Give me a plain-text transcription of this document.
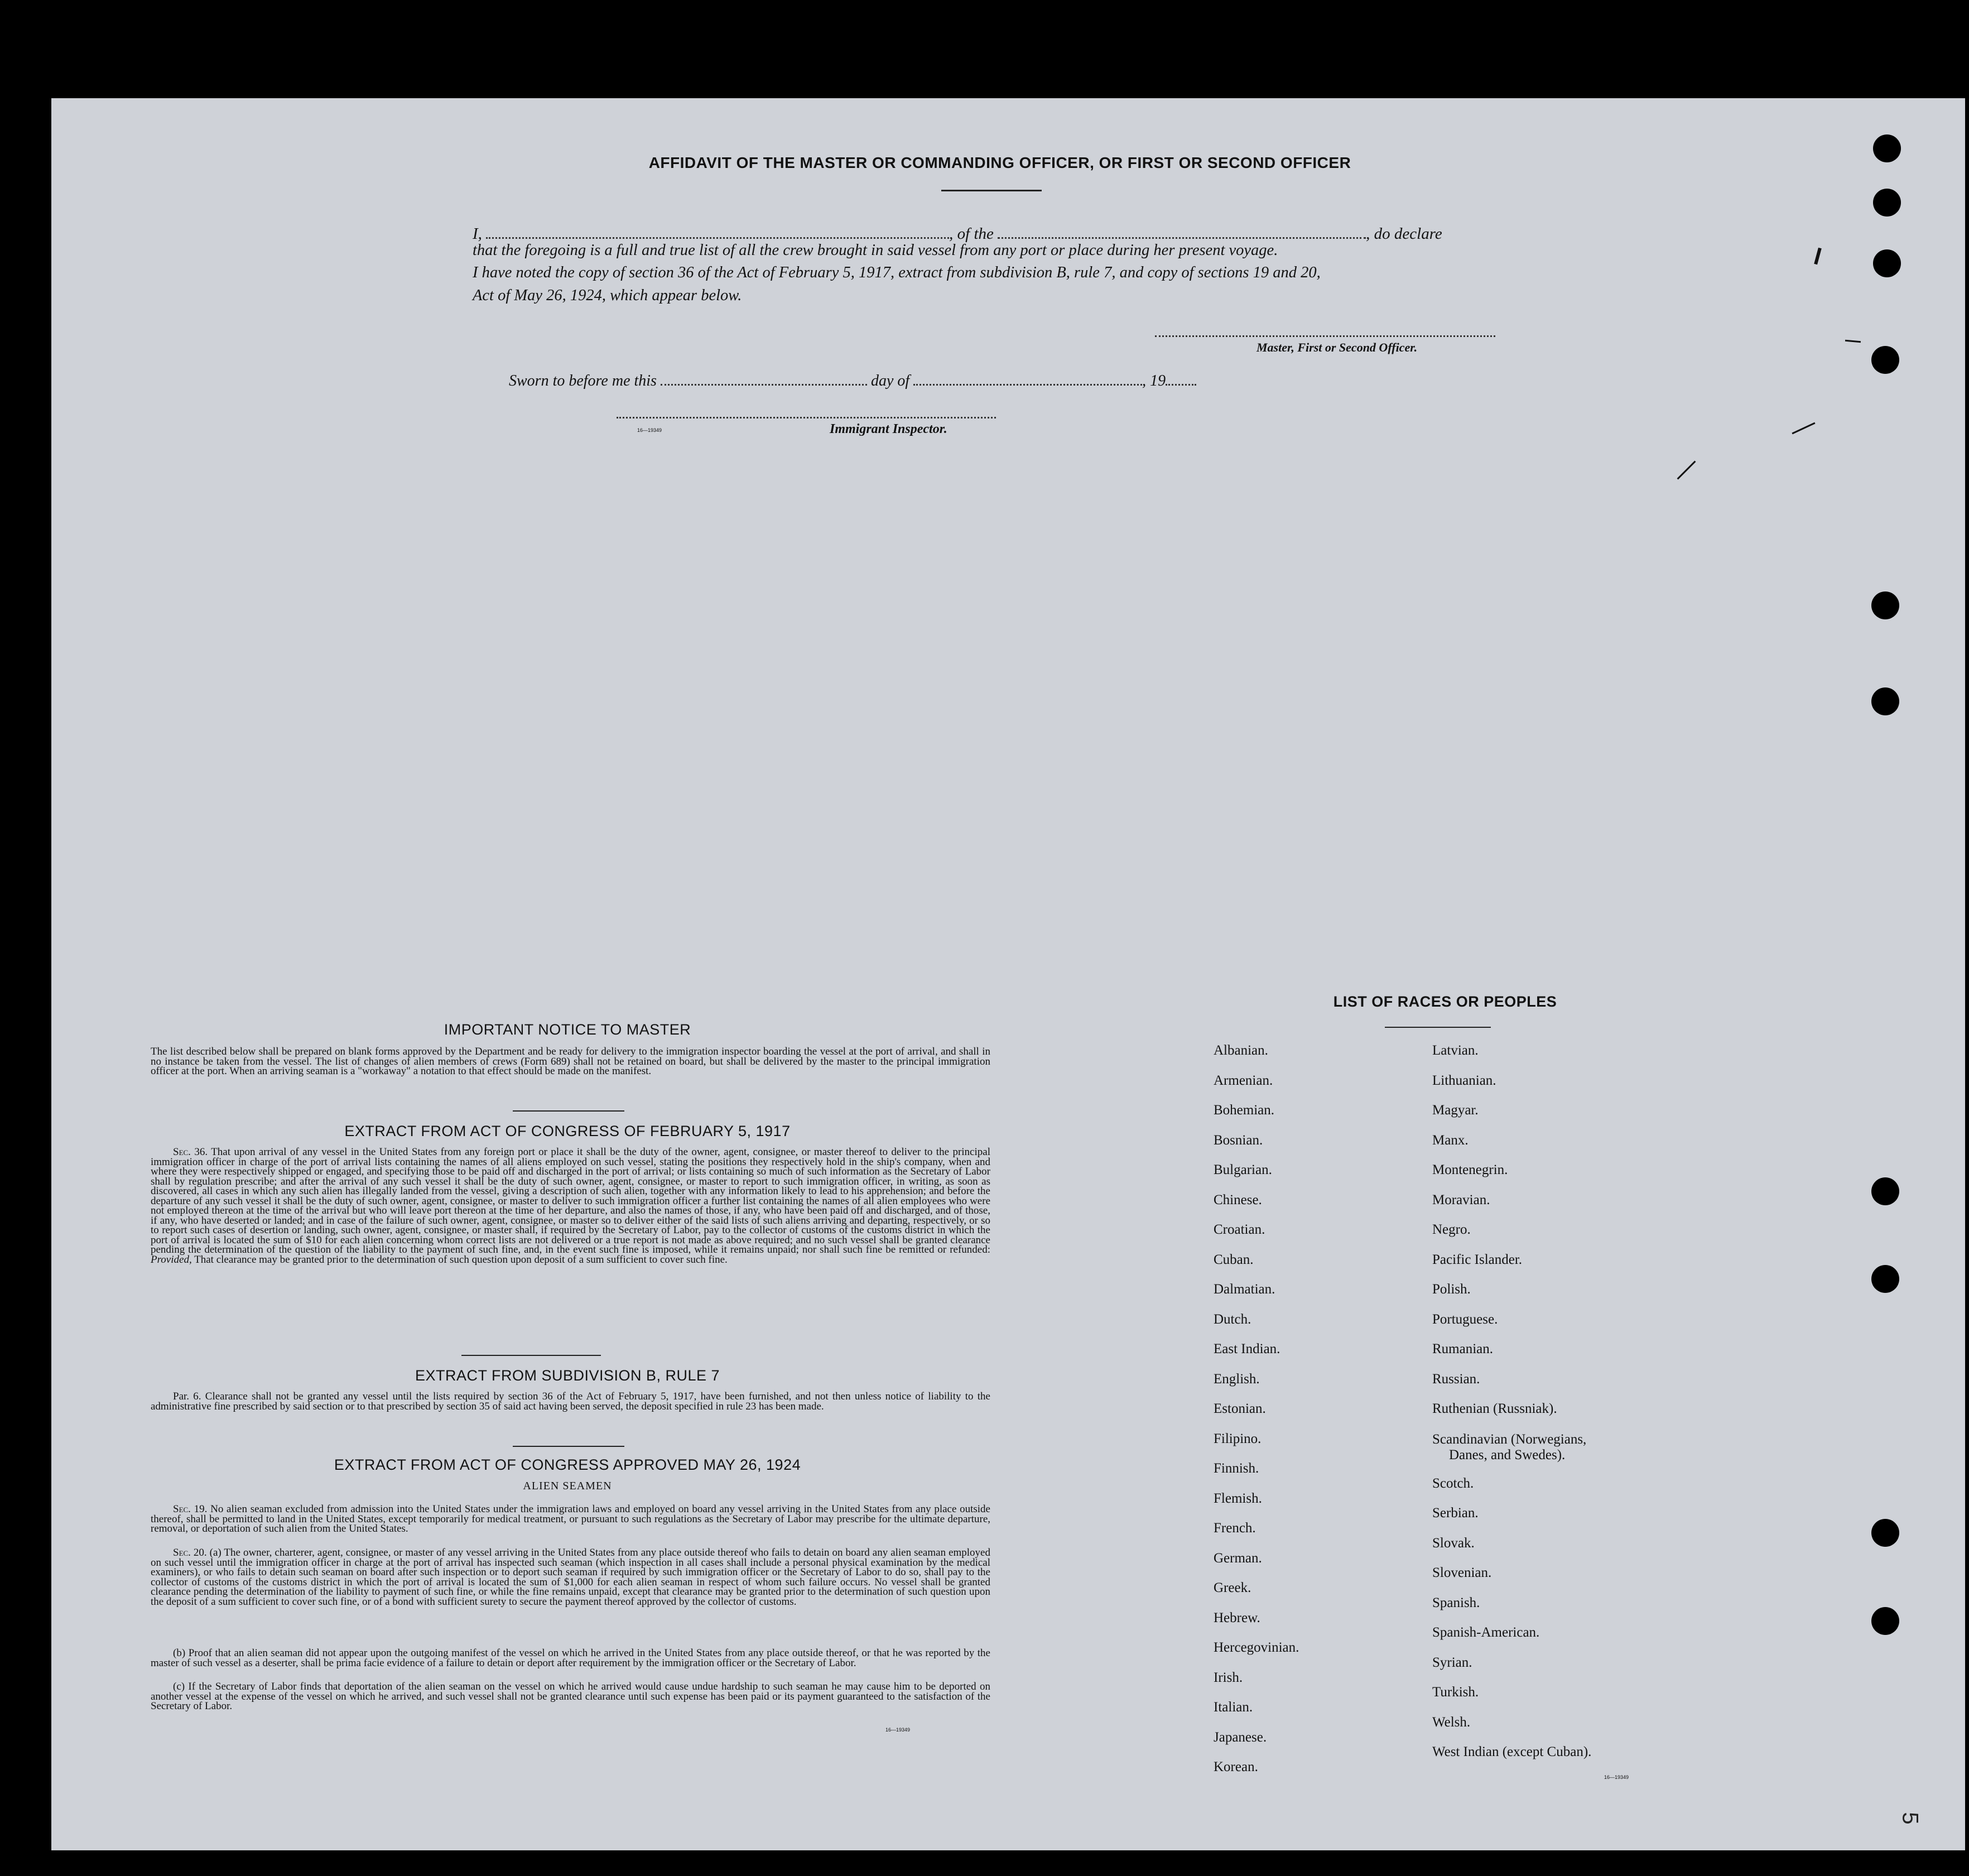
AFFIDAVIT OF THE MASTER OR COMMANDING OFFICER, OR FIRST OR SECOND OFFICER
I,	, of the	, do declare
that the foregoing is a full and true list of all the crew brought in said vessel from any port or place during her present voyage.
I have noted the copy of section 36 of the Act of February 5, 1917, extract from subdivision B, rule 7, and copy of sections 19 and 20,
Act of May 26, 1924, which appear below.
Master, First or Second Officer.
Sworn to before me this	day of	, 19
16—19349	Immigrant Inspector.
IMPORTANT NOTICE TO MASTER
The list described below shall be prepared on blank forms approved by the Department and be ready for delivery to the immigration inspector boarding the vessel at the port of arrival, and shall in no instance be taken from the vessel. The list of changes of alien members of crews (Form 689) shall not be retained on board, but shall be delivered by the master to the principal immigration officer at the port. When an arriving seaman is a "workaway" a notation to that effect should be made on the manifest.
EXTRACT FROM ACT OF CONGRESS OF FEBRUARY 5, 1917
Sec. 36. That upon arrival of any vessel in the United States from any foreign port or place it shall be the duty of the owner, agent, consignee, or master thereof to deliver to the principal immigration officer in charge of the port of arrival lists containing the names of all aliens employed on such vessel, stating the positions they respectively hold in the ship's company, when and where they were respectively shipped or engaged, and specifying those to be paid off and discharged in the port of arrival; or lists containing so much of such information as the Secretary of Labor shall by regulation prescribe; and after the arrival of any such vessel it shall be the duty of such owner, agent, consignee, or master to report to such immigration officer, in writing, as soon as discovered, all cases in which any such alien has illegally landed from the vessel, giving a description of such alien, together with any information likely to lead to his apprehension; and before the departure of any such vessel it shall be the duty of such owner, agent, consignee, or master to deliver to such immigration officer a further list containing the names of all alien employees who were not employed thereon at the time of the arrival but who will leave port thereon at the time of her departure, and also the names of those, if any, who have been paid off and discharged, and of those, if any, who have deserted or landed; and in case of the failure of such owner, agent, consignee, or master so to deliver either of the said lists of such aliens arriving and departing, respectively, or so to report such cases of desertion or landing, such owner, agent, consignee, or master shall, if required by the Secretary of Labor, pay to the collector of customs of the customs district in which the port of arrival is located the sum of $10 for each alien concerning whom correct lists are not delivered or a true report is not made as above required; and no such vessel shall be granted clearance pending the determination of the question of the liability to the payment of such fine, and, in the event such fine is imposed, while it remains unpaid; nor shall such fine be remitted or refunded: Provided, That clearance may be granted prior to the determination of such question upon deposit of a sum sufficient to cover such fine.
EXTRACT FROM SUBDIVISION B, RULE 7
Par. 6. Clearance shall not be granted any vessel until the lists required by section 36 of the Act of February 5, 1917, have been furnished, and not then unless notice of liability to the administrative fine prescribed by said section or to that prescribed by section 35 of said act having been served, the deposit specified in rule 23 has been made.
EXTRACT FROM ACT OF CONGRESS APPROVED MAY 26, 1924
ALIEN SEAMEN
Sec. 19. No alien seaman excluded from admission into the United States under the immigration laws and employed on board any vessel arriving in the United States from any place outside thereof, shall be permitted to land in the United States, except temporarily for medical treatment, or pursuant to such regulations as the Secretary of Labor may prescribe for the ultimate departure, removal, or deportation of such alien from the United States.
Sec. 20. (a) The owner, charterer, agent, consignee, or master of any vessel arriving in the United States from any place outside thereof who fails to detain on board any alien seaman employed on such vessel until the immigration officer in charge at the port of arrival has inspected such seaman (which inspection in all cases shall include a personal physical examination by the medical examiners), or who fails to detain such seaman on board after such inspection or to deport such seaman if required by such immigration officer or the Secretary of Labor to do so, shall pay to the collector of customs of the customs district in which the port of arrival is located the sum of $1,000 for each alien seaman in respect of whom such failure occurs. No vessel shall be granted clearance pending the determination of the liability to payment of such fine, or while the fine remains unpaid, except that clearance may be granted prior to the determination of such question upon the deposit of a sum sufficient to cover such fine, or of a bond with sufficient surety to secure the payment thereof approved by the collector of customs.
(b) Proof that an alien seaman did not appear upon the outgoing manifest of the vessel on which he arrived in the United States from any place outside thereof, or that he was reported by the master of such vessel as a deserter, shall be prima facie evidence of a failure to detain or deport after requirement by the immigration officer or the Secretary of Labor.
(c) If the Secretary of Labor finds that deportation of the alien seaman on the vessel on which he arrived would cause undue hardship to such seaman he may cause him to be deported on another vessel at the expense of the vessel on which he arrived, and such vessel shall not be granted clearance until such expense has been paid or its payment guaranteed to the satisfaction of the Secretary of Labor.
16—19349
LIST OF RACES OR PEOPLES
Albanian.
Armenian.
Bohemian.
Bosnian.
Bulgarian.
Chinese.
Croatian.
Cuban.
Dalmatian.
Dutch.
East Indian.
English.
Estonian.
Filipino.
Finnish.
Flemish.
French.
German.
Greek.
Hebrew.
Hercegovinian.
Irish.
Italian.
Japanese.
Korean.
Latvian.
Lithuanian.
Magyar.
Manx.
Montenegrin.
Moravian.
Negro.
Pacific Islander.
Polish.
Portuguese.
Rumanian.
Russian.
Ruthenian (Russniak).
Scandinavian (Norwegians,
Danes, and Swedes).
Scotch.
Serbian.
Slovak.
Slovenian.
Spanish.
Spanish-American.
Syrian.
Turkish.
Welsh.
West Indian (except Cuban).
16—19349
5
